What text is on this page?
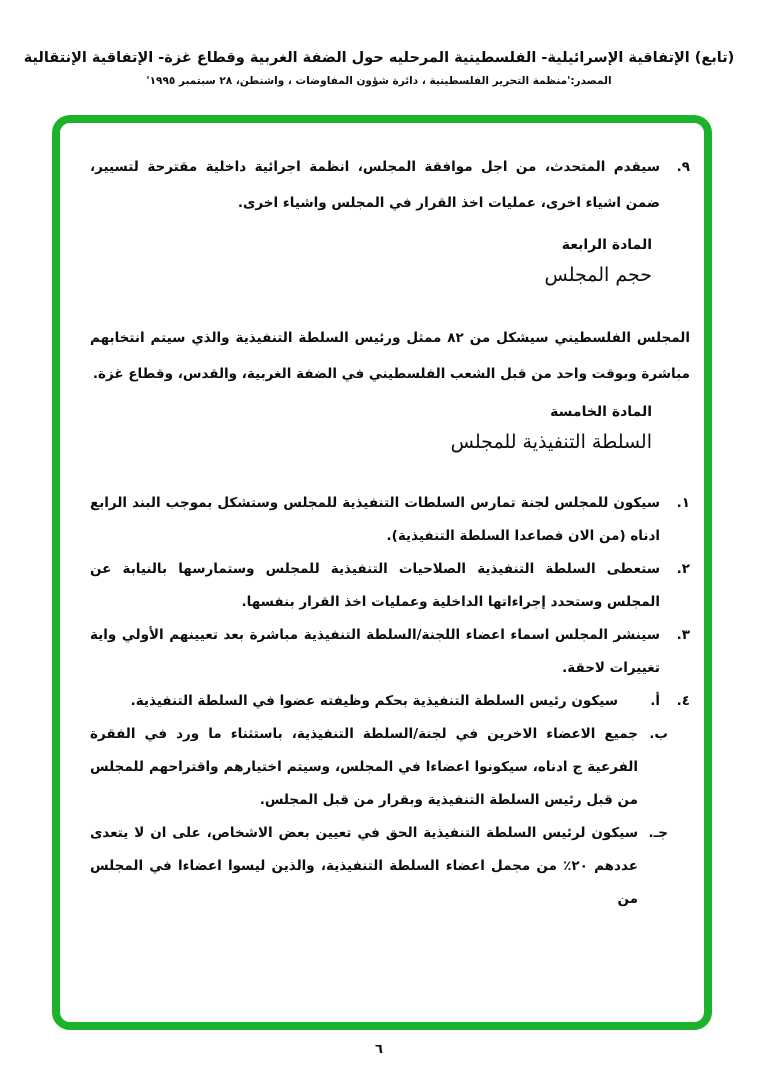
(تابع) الإتفاقية الإسرائيلية- الفلسطينية المرحليه حول الضفة الغربية وقطاع غزة- الإتفاقية الإنتقالية
المصدر:'منظمة التحرير الفلسطينية ، دائرة شؤون المفاوضات ، واشنطن، ٢٨ سبتمبر ١٩٩٥'
٩.
سيقدم المتحدث، من اجل موافقة المجلس، انظمة اجرائية داخلية مقترحة لتسيير، ضمن اشياء اخرى، عمليات اخذ القرار في المجلس واشياء اخرى.
المادة الرابعة
حجم المجلس
المجلس الفلسطيني سيشكل من ٨٢ ممثل ورئيس السلطة التنفيذية والذي سيتم انتخابهم مباشرة وبوقت واحد من قبل الشعب الفلسطيني في الضفة الغربية، والقدس، وقطاع غزة.
المادة الخامسة
السلطة التنفيذية للمجلس
١.
سيكون للمجلس لجنة تمارس السلطات التنفيذية للمجلس وستشكل بموجب البند الرابع ادناه (من الان فصاعدا السلطة التنفيذية).
٢.
ستعطى السلطة التنفيذية الصلاحيات التنفيذية للمجلس وستمارسها بالنيابة عن المجلس وستحدد إجراءاتها الداخلية وعمليات اخذ القرار بنفسها.
٣.
سينشر المجلس اسماء اعضاء اللجنة/السلطة التنفيذية مباشرة بعد تعيينهم الأولي واية تغييرات لاحقة.
٤.
أ.
سيكون رئيس السلطة التنفيذية بحكم وظيفته عضوا في السلطة التنفيذية.
ب.
جميع الاعضاء الاخرين في لجنة/السلطة التنفيذية، باستثناء ما ورد في الفقرة الفرعية ج ادناه، سيكونوا اعضاءا في المجلس، وسيتم اختيارهم واقتراحهم للمجلس من قبل رئيس السلطة التنفيذية وبقرار من قبل المجلس.
جـ.
سيكون لرئيس السلطة التنفيذية الحق في تعيين بعض الاشخاص، على ان لا يتعدى عددهم ٢٠٪ من مجمل اعضاء السلطة التنفيذية، والذين ليسوا اعضاءا في المجلس من
٦
